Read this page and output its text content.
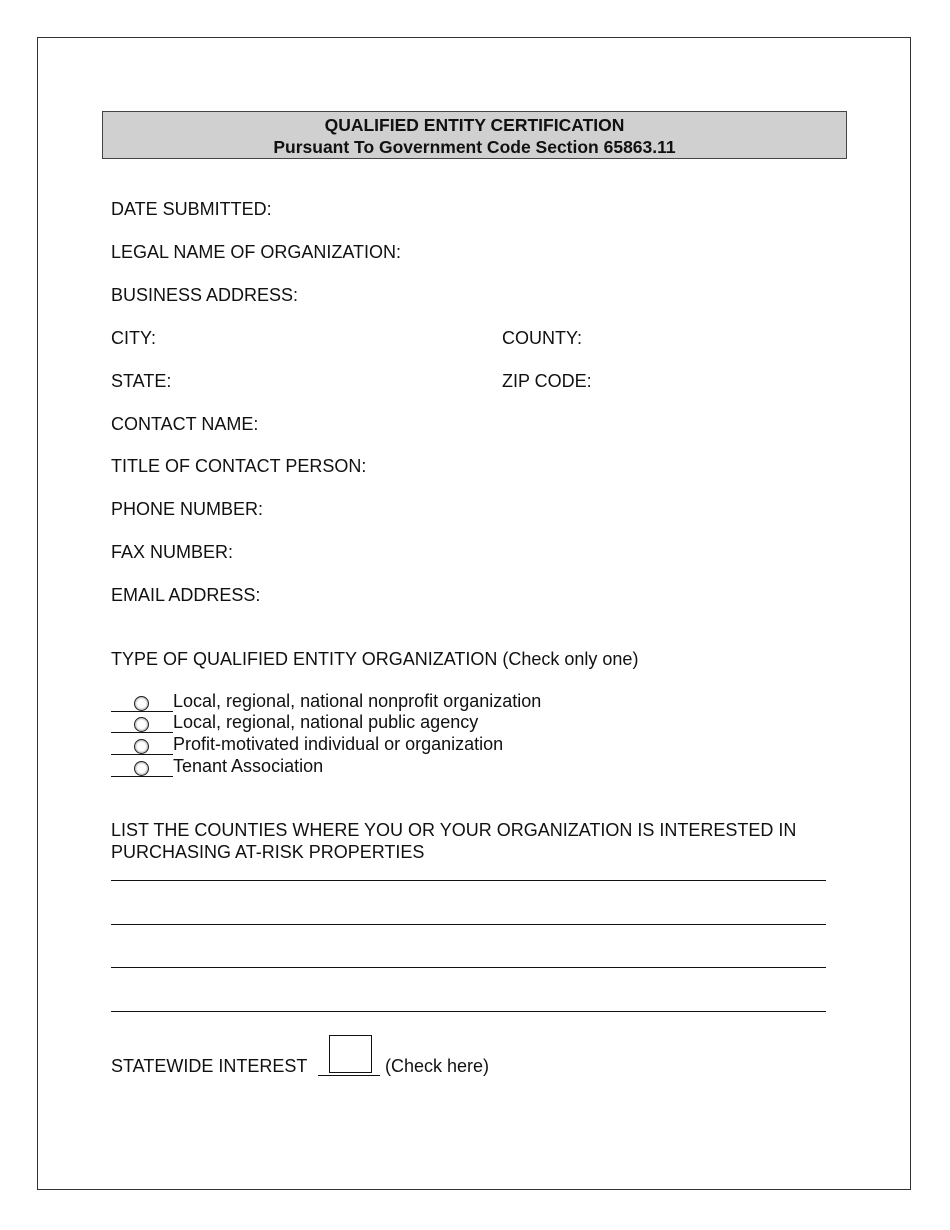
QUALIFIED ENTITY CERTIFICATION
Pursuant To Government Code Section 65863.11
DATE SUBMITTED:
LEGAL NAME OF ORGANIZATION:
BUSINESS ADDRESS:
CITY:	COUNTY:
STATE:	ZIP CODE:
CONTACT NAME:
TITLE OF CONTACT PERSON:
PHONE NUMBER:
FAX NUMBER:
EMAIL ADDRESS:
TYPE OF QUALIFIED ENTITY ORGANIZATION (Check only one)
Local, regional, national nonprofit organization
Local, regional, national public agency
Profit-motivated individual or organization
Tenant Association
LIST THE COUNTIES WHERE YOU OR YOUR ORGANIZATION IS INTERESTED IN
PURCHASING AT-RISK PROPERTIES
STATEWIDE INTEREST	(Check here)
